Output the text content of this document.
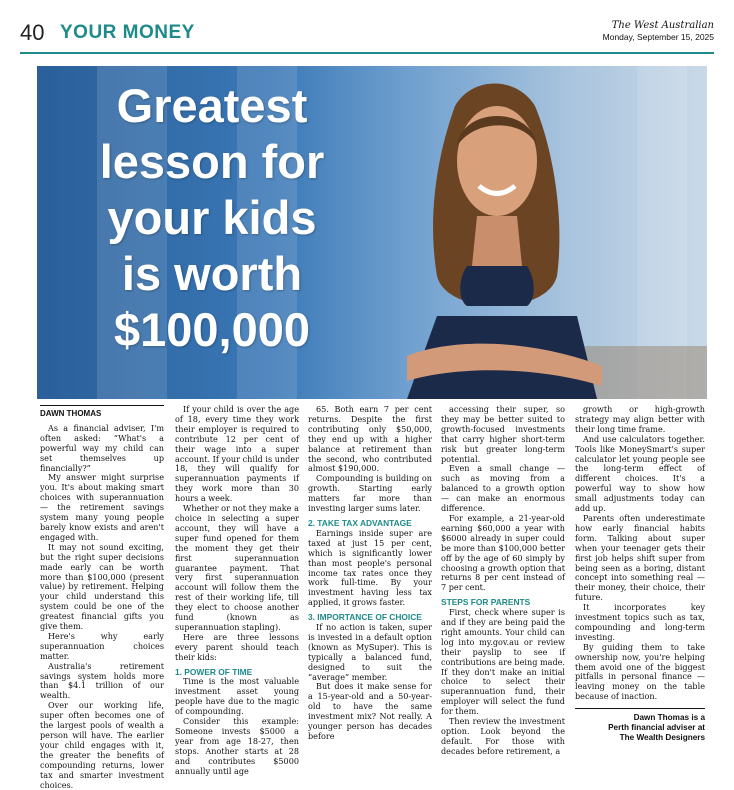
40 YOUR MONEY	The West Australian
Monday, September 15, 2025
Greatest
lesson for
your kids
is worth
$100,000
DAWN THOMAS

As a financial adviser, I'm often asked: “What's a powerful way my child can set themselves up financially?”

My answer might surprise you. It's about making smart choices with superannuation — the retirement savings system many young people barely know exists and aren't engaged with.

It may not sound exciting, but the right super decisions made early can be worth more than $100,000 (present value) by retirement. Helping your child understand this system could be one of the greatest financial gifts you give them.

Here's why early superannuation choices matter.

Australia's retirement savings system holds more than $4.1 trillion of our wealth.

Over our working life, super often becomes one of the largest pools of wealth a person will have. The earlier your child engages with it, the greater the benefits of compounding returns, lower tax and smarter investment choices.

If your child is over the age of 18, every time they work their employer is required to contribute 12 per cent of their wage into a super account. If your child is under 18, they will qualify for superannuation payments if they work more than 30 hours a week.

Whether or not they make a choice in selecting a super account, they will have a super fund opened for them the moment they get their first superannuation guarantee payment. That very first superannuation account will follow them the rest of their working life, till they elect to choose another fund (known as superannuation stapling).

Here are three lessons every parent should teach their kids:

1. POWER OF TIME

Time is the most valuable investment asset young people have due to the magic of compounding.

Consider this example: Someone invests $5000 a year from age 18-27, then stops. Another starts at 28 and contributes $5000 annually until age

65. Both earn 7 per cent returns. Despite the first contributing only $50,000, they end up with a higher balance at retirement than the second, who contributed almost $190,000.

Compounding is building on growth. Starting early matters far more than investing larger sums later.

2. TAKE TAX ADVANTAGE

Earnings inside super are taxed at just 15 per cent, which is significantly lower than most people's personal income tax rates once they work full-time. By your investment having less tax applied, it grows faster.

3. IMPORTANCE OF CHOICE

If no action is taken, super is invested in a default option (known as MySuper). This is typically a balanced fund, designed to suit the “average” member.

But does it make sense for a 15-year-old and a 50-year-old to have the same investment mix? Not really. A younger person has decades before

accessing their super, so they may be better suited to growth-focused investments that carry higher short-term risk but greater long-term potential.

Even a small change — such as moving from a balanced to a growth option — can make an enormous difference.

For example, a 21-year-old earning $60,000 a year with $6000 already in super could be more than $100,000 better off by the age of 60 simply by choosing a growth option that returns 8 per cent instead of 7 per cent.

STEPS FOR PARENTS

First, check where super is and if they are being paid the right amounts. Your child can log into my.gov.au or review their payslip to see if contributions are being made. If they don't make an initial choice to select their superannuation fund, their employer will select the fund for them.

Then review the investment option. Look beyond the default. For those with decades before retirement, a

growth or high-growth strategy may align better with their long time frame.

And use calculators together. Tools like MoneySmart's super calculator let young people see the long-term effect of different choices. It's a powerful way to show how small adjustments today can add up.

Parents often underestimate how early financial habits form. Talking about super when your teenager gets their first job helps shift super from being seen as a boring, distant concept into something real — their money, their choice, their future.

It incorporates key investment topics such as tax, compounding and long-term investing.

By guiding them to take ownership now, you're helping them avoid one of the biggest pitfalls in personal finance — leaving money on the table because of inaction.

Dawn Thomas is a
Perth financial adviser at
The Wealth Designers
